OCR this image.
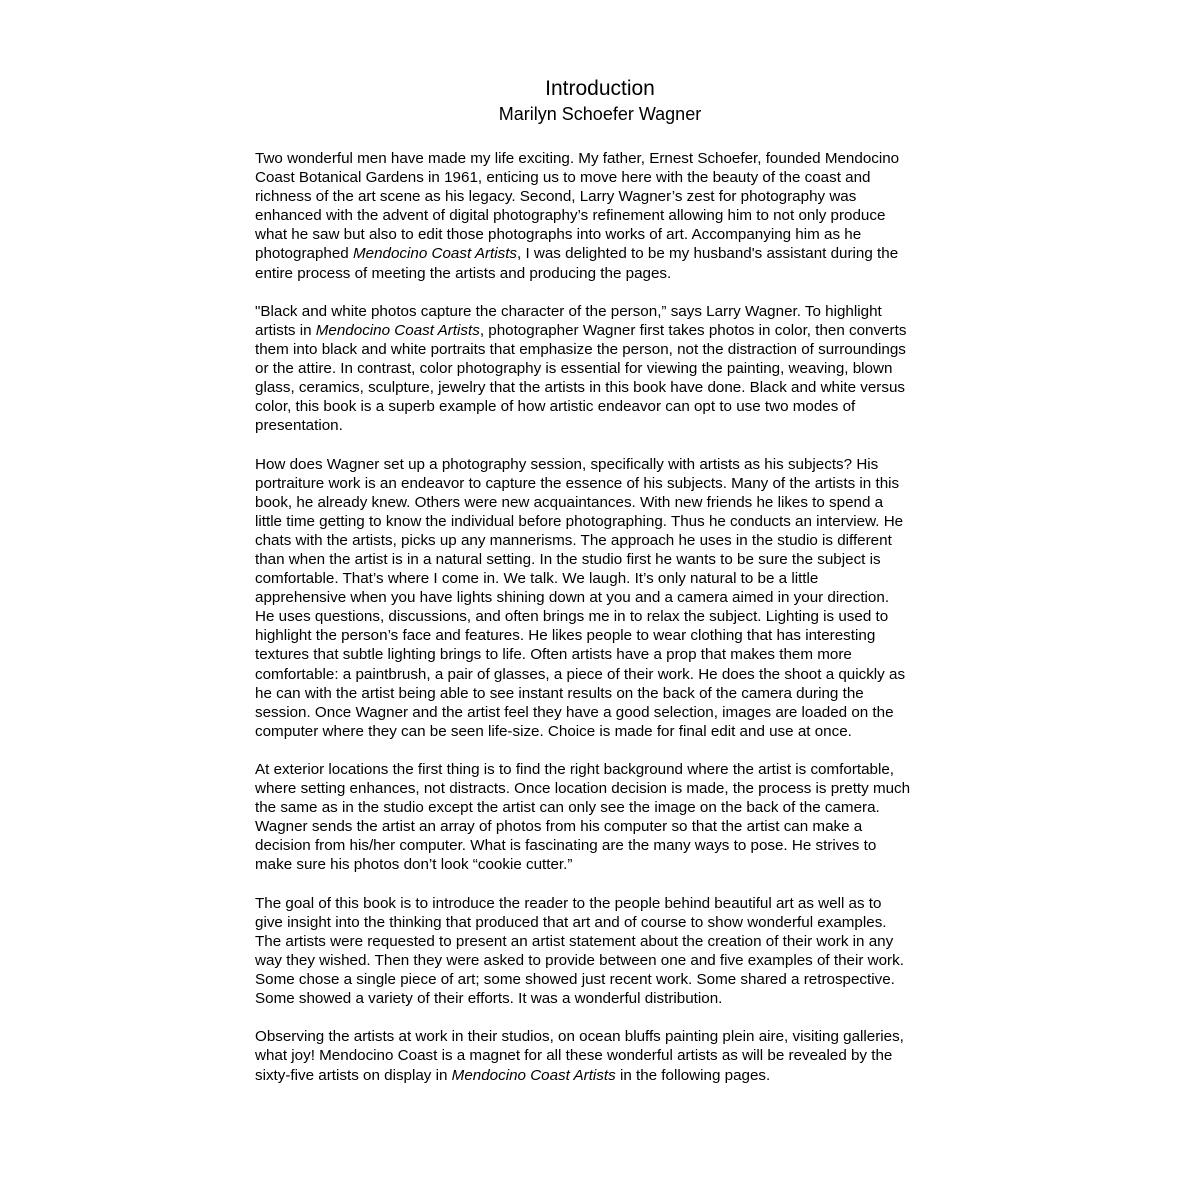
Introduction
Marilyn Schoefer Wagner

Two wonderful men have made my life exciting. My father, Ernest Schoefer, founded Mendocino
Coast Botanical Gardens in 1961, enticing us to move here with the beauty of the coast and
richness of the art scene as his legacy. Second, Larry Wagner’s zest for photography was
enhanced with the advent of digital photography’s refinement allowing him to not only produce
what he saw but also to edit those photographs into works of art. Accompanying him as he
photographed Mendocino Coast Artists, I was delighted to be my husband's assistant during the
entire process of meeting the artists and producing the pages.

"Black and white photos capture the character of the person,” says Larry Wagner. To highlight
artists in Mendocino Coast Artists, photographer Wagner first takes photos in color, then converts
them into black and white portraits that emphasize the person, not the distraction of surroundings
or the attire. In contrast, color photography is essential for viewing the painting, weaving, blown
glass, ceramics, sculpture, jewelry that the artists in this book have done. Black and white versus
color, this book is a superb example of how artistic endeavor can opt to use two modes of
presentation.

How does Wagner set up a photography session, specifically with artists as his subjects? His
portraiture work is an endeavor to capture the essence of his subjects. Many of the artists in this
book, he already knew. Others were new acquaintances. With new friends he likes to spend a
little time getting to know the individual before photographing. Thus he conducts an interview. He
chats with the artists, picks up any mannerisms. The approach he uses in the studio is different
than when the artist is in a natural setting. In the studio first he wants to be sure the subject is
comfortable. That’s where I come in. We talk. We laugh. It’s only natural to be a little
apprehensive when you have lights shining down at you and a camera aimed in your direction.
He uses questions, discussions, and often brings me in to relax the subject. Lighting is used to
highlight the person’s face and features. He likes people to wear clothing that has interesting
textures that subtle lighting brings to life. Often artists have a prop that makes them more
comfortable: a paintbrush, a pair of glasses, a piece of their work. He does the shoot a quickly as
he can with the artist being able to see instant results on the back of the camera during the
session. Once Wagner and the artist feel they have a good selection, images are loaded on the
computer where they can be seen life-size. Choice is made for final edit and use at once.

At exterior locations the first thing is to find the right background where the artist is comfortable,
where setting enhances, not distracts. Once location decision is made, the process is pretty much
the same as in the studio except the artist can only see the image on the back of the camera.
Wagner sends the artist an array of photos from his computer so that the artist can make a
decision from his/her computer. What is fascinating are the many ways to pose. He strives to
make sure his photos don’t look “cookie cutter.”

The goal of this book is to introduce the reader to the people behind beautiful art as well as to
give insight into the thinking that produced that art and of course to show wonderful examples.
The artists were requested to present an artist statement about the creation of their work in any
way they wished. Then they were asked to provide between one and five examples of their work.
Some chose a single piece of art; some showed just recent work. Some shared a retrospective.
Some showed a variety of their efforts. It was a wonderful distribution.

Observing the artists at work in their studios, on ocean bluffs painting plein aire, visiting galleries,
what joy! Mendocino Coast is a magnet for all these wonderful artists as will be revealed by the
sixty-five artists on display in Mendocino Coast Artists in the following pages.
